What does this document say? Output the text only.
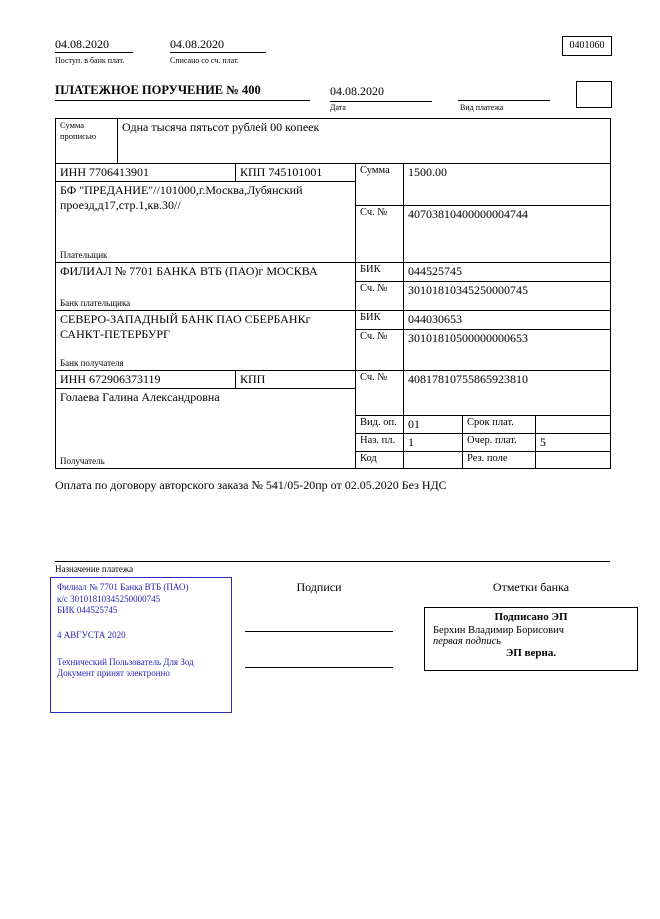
04.08.2020
Поступ. в банк плат.
04.08.2020
Списано со сч. плат.
0401060
ПЛАТЕЖНОЕ ПОРУЧЕНИЕ № 400	04.08.2020
Дата	Вид платежа
Сумма прописью	Одна тысяча пятьсот рублей 00 копеек					
ИНН 7706413901		КПП 745101001	Сумма	1500.00		

БФ "ПРЕДАНИЕ"//101000,г.Москва,Лубянский проезд,д17,стр.1,кв.30//
Плательщик						

			Сч. №	40703810400000004744		

ФИЛИАЛ № 7701 БАНКА ВТБ (ПАО)г МОСКВА
Банк плательщика			БИК	044525745		
			Сч. №	30101810345250000745		

СЕВЕРО-ЗАПАДНЫЙ БАНК ПАО СБЕРБАНКг САНКТ-ПЕТЕРБУРГ
Банк получателя			БИК	044030653		
			Сч. №	30101810500000000653		
ИНН 672906373119		КПП	Сч. №	40817810755865923810		

Голаева Галина Александровна
Получатель						

			Вид. оп.	01	Срок плат.	
			Наз. пл.	1	Очер. плат.	5
			Код		Рез. поле	
Оплата по договору авторского заказа № 541/05-20пр от 02.05.2020 Без НДС
Назначение платежа
Подписи	Отметки банка
Филиал № 7701 Банка ВТБ (ПАО)
к/с 30101810345250000745
БИК 044525745
4 АВГУСТА 2020
Технический Пользователь Для Зод
Документ принят электронно
Подписано ЭП
Берхин Владимир Борисович
первая подпись
ЭП верна.
